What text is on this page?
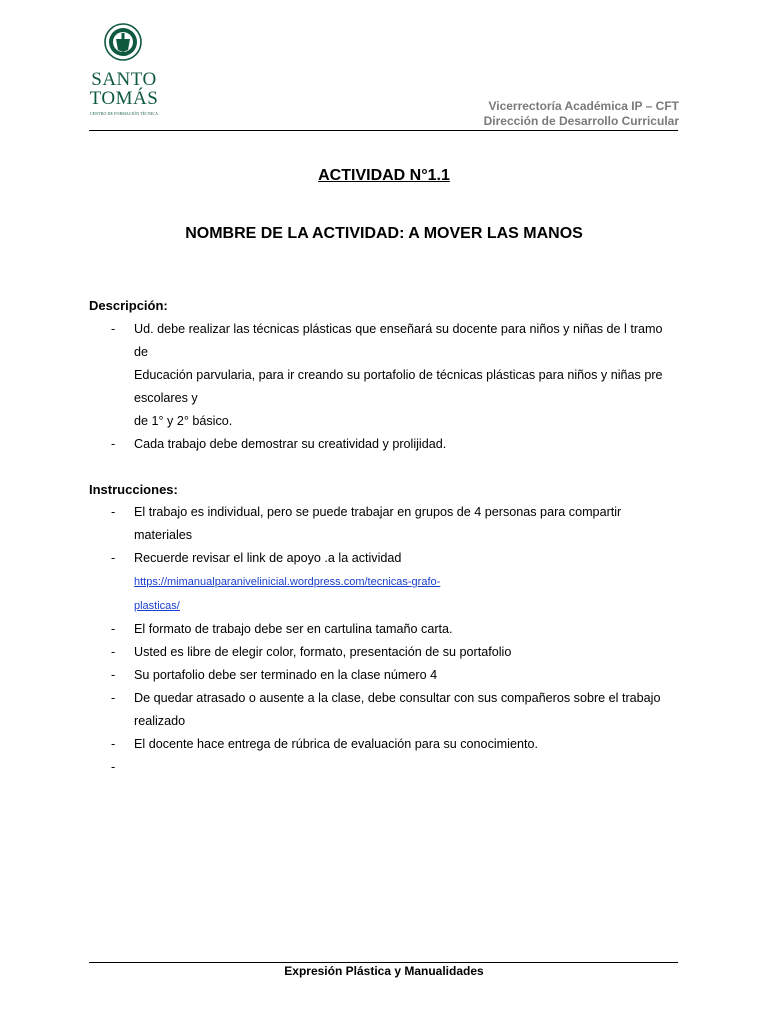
SANTO
TOMÁS
CENTRO DE FORMACIÓN TÉCNICA
Vicerrectoría Académica IP – CFT
Dirección de Desarrollo Curricular
ACTIVIDAD N°1.1
NOMBRE DE LA ACTIVIDAD: A MOVER LAS MANOS
Descripción:
- Ud. debe realizar las técnicas plásticas que enseñará su docente para niños y niñas de l tramo de
Educación parvularia, para ir creando su portafolio de técnicas plásticas para niños y niñas pre escolares y
de 1° y 2° básico.
- Cada trabajo debe demostrar su creatividad y prolijidad.
Instrucciones:
- El trabajo es individual, pero se puede trabajar en grupos de 4 personas para compartir materiales
- Recuerde revisar el link de apoyo .a la actividad https://mimanualparanivelinicial.wordpress.com/tecnicas-grafo-
plasticas/
- El formato de trabajo debe ser en cartulina tamaño carta.
- Usted es libre de elegir color, formato, presentación de su portafolio
- Su portafolio debe ser terminado en la clase número 4
- De quedar atrasado o ausente a la clase, debe consultar con sus compañeros sobre el trabajo realizado
- El docente hace entrega de rúbrica de evaluación para su conocimiento.
-

Expresión Plástica y Manualidades
